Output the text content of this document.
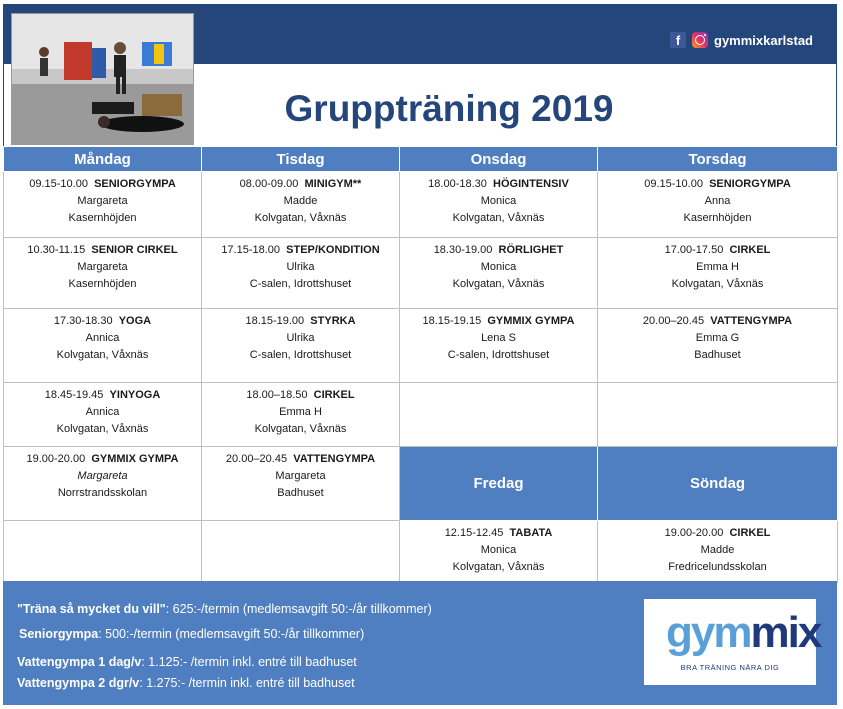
f	gymmixkarlstad
Gruppträning 2019
Måndag	Tisdag	Onsdag	Torsdag
09.15-10.00 SENIORGYMPA
Margareta
Kasernhöjden	08.00-09.00 MINIGYM**
Madde
Kolvgatan, Våxnäs	18.00-18.30 HÖGINTENSIV
Monica
Kolvgatan, Våxnäs	09.15-10.00 SENIORGYMPA
Anna
Kasernhöjden
10.30-11.15 SENIOR CIRKEL
Margareta
Kasernhöjden	17.15-18.00 STEP/KONDITION
Ulrika
C-salen, Idrottshuset	18.30-19.00 RÖRLIGHET
Monica
Kolvgatan, Våxnäs	17.00-17.50 CIRKEL
Emma H
Kolvgatan, Våxnäs
17.30-18.30 YOGA
Annica
Kolvgatan, Våxnäs	18.15-19.00 STYRKA
Ulrika
C-salen, Idrottshuset	18.15-19.15 GYMMIX GYMPA
Lena S
C-salen, Idrottshuset	20.00–20.45 VATTENGYMPA
Emma G
Badhuset
18.45-19.45 YINYOGA
Annica
Kolvgatan, Våxnäs	18.00–18.50 CIRKEL
Emma H
Kolvgatan, Våxnäs		
19.00-20.00 GYMMIX GYMPA
Margareta
Norrstrandsskolan	20.00–20.45 VATTENGYMPA
Margareta
Badhuset	Fredag	Söndag
		12.15-12.45 TABATA
Monica
Kolvgatan, Våxnäs	19.00-20.00 CIRKEL
Madde
Fredricelundsskolan
"Träna så mycket du vill": 625:-/termin (medlemsavgift 50:-/år tillkommer)
Seniorgympa: 500:-/termin (medlemsavgift 50:-/år tillkommer)
Vattengympa 1 dag/v: 1.125:- /termin inkl. entré till badhuset
Vattengympa 2 dgr/v: 1.275:- /termin inkl. entré till badhuset
gymmix
BRA TRÄNING NÄRA DIG
